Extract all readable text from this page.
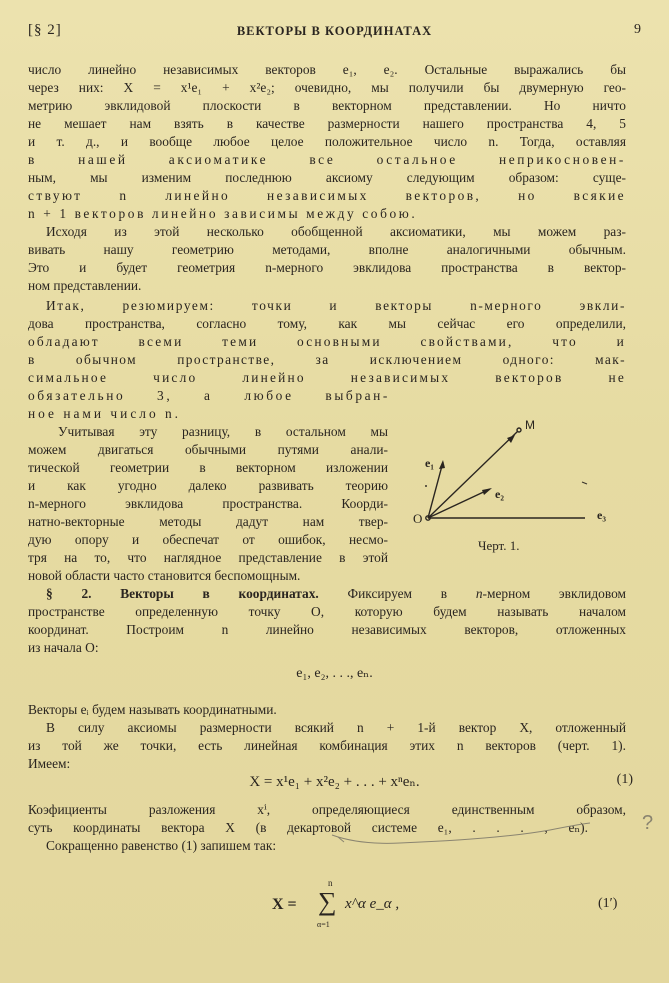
[§ 2]	ВЕКТОРЫ В КООРДИНАТАХ	9
число линейно независимых векторов e₁, e₂. Остальные выражались бы
через них: X = x¹e₁ + x²e₂; очевидно, мы получили бы двумерную гео-
метрию эвклидовой плоскости в векторном представлении. Но ничто
не мешает нам взять в качестве размерности нашего пространства 4, 5
и т. д., и вообще любое целое положительное число n. Тогда, оставляя
в нашей аксиоматике все остальное неприкосновен-
ным, мы изменим последнюю аксиому следующим образом: суще-
ствуют n линейно независимых векторов, но всякие
n + 1 векторов линейно зависимы между собою.
Исходя из этой несколько обобщенной аксиоматики, мы можем раз-
вивать нашу геометрию методами, вполне аналогичными обычным.
Это и будет геометрия n-мерного эвклидова пространства в вектор-
ном представлении.
Итак, резюмируем: точки и векторы n-мерного эвкли-
дова пространства, согласно тому, как мы сейчас его определили,
обладают всеми теми основными свойствами, что и
в обычном пространстве, за исключением одного: мак-
симальное число линейно независимых векторов не
обязательно 3, а любое выбран-
ное нами число n.
Учитывая эту разницу, в остальном мы
можем двигаться обычными путями анали-
тической геометрии в векторном изложении
и как угодно далеко развивать теорию
n-мерного эвклидова пространства. Коорди-
натно-векторные методы дадут нам твер-
дую опору и обеспечат от ошибок, несмо-
тря на то, что наглядное представление в этой
новой области часто становится беспомощным.
O
M
e₁
e₂
e₃
Черт. 1.
§ 2. Векторы в координатах. Фиксируем в n-мерном эвклидовом
пространстве определенную точку O, которую будем называть началом
координат. Построим n линейно независимых векторов, отложенных
из начала O:
e₁, e₂, . . ., eₙ.
Векторы eᵢ будем называть координатными.
В силу аксиомы размерности всякий n + 1-й вектор X, отложенный
из той же точки, есть линейная комбинация этих n векторов (черт. 1).
Имеем:
X = x¹e₁ + x²e₂ + . . . + xⁿeₙ.	(1)
Коэфициенты разложения xⁱ, определяющиеся единственным образом,
суть координаты вектора X (в декартовой системе e₁, . . . , eₙ).
Сокращенно равенство (1) запишем так:
?
X =
n
∑
α=1
x^α e_α ,	(1′)
